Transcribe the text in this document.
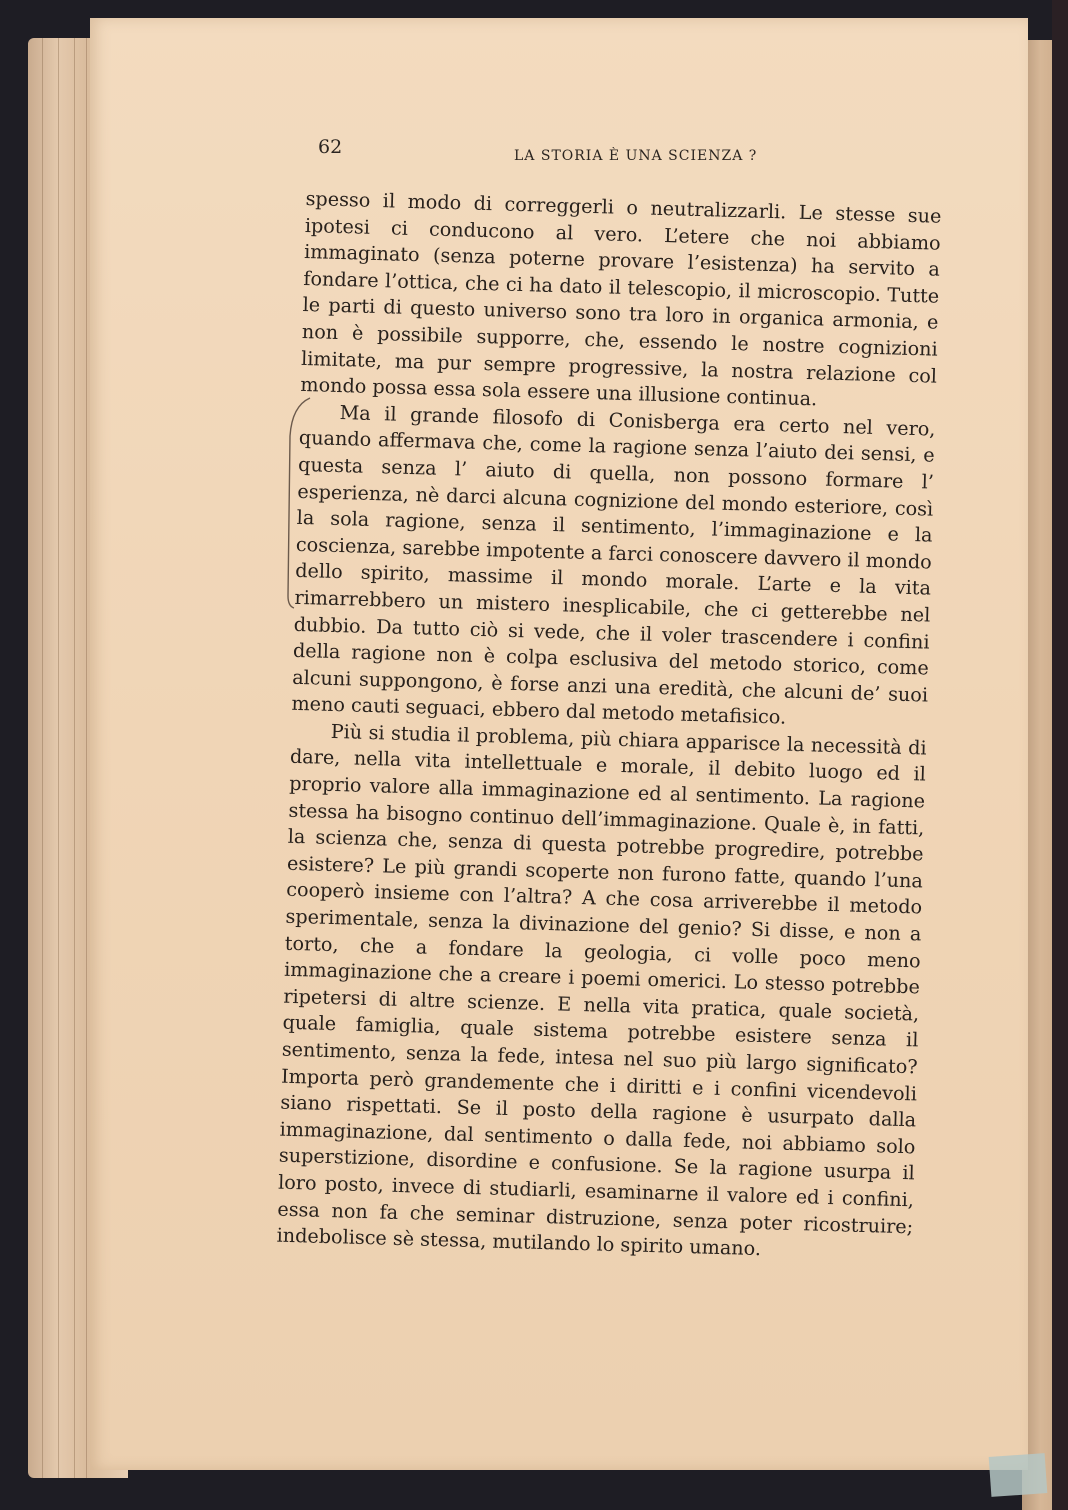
62	LA STORIA È UNA SCIENZA ?

spesso il modo di correggerli o neutralizzarli. Le stesse sue ipotesi ci conducono al vero. L’etere che noi abbiamo immaginato (senza poterne provare l’esistenza) ha servito a fondare l’ottica, che ci ha dato il telescopio, il microscopio. Tutte le parti di questo universo sono tra loro in organica armonia, e non è possibile supporre, che, essendo le nostre cognizioni limitate, ma pur sempre progressive, la nostra relazione col mondo possa essa sola essere una illusione continua.

Ma il grande filosofo di Conisberga era certo nel vero, quando affermava che, come la ragione senza l’aiuto dei sensi, e questa senza l’ aiuto di quella, non possono formare l’ esperienza, nè darci alcuna cognizione del mondo esteriore, così la sola ragione, senza il sentimento, l’immaginazione e la coscienza, sarebbe impotente a farci conoscere davvero il mondo dello spirito, massime il mondo morale. L’arte e la vita rimarrebbero un mistero inesplicabile, che ci getterebbe nel dubbio. Da tutto ciò si vede, che il voler trascendere i confini della ragione non è colpa esclusiva del metodo storico, come alcuni suppongono, è forse anzi una eredità, che alcuni de’ suoi meno cauti seguaci, ebbero dal metodo metafisico.

Più si studia il problema, più chiara apparisce la necessità di dare, nella vita intellettuale e morale, il debito luogo ed il proprio valore alla immaginazione ed al sentimento. La ragione stessa ha bisogno continuo dell’immaginazione. Quale è, in fatti, la scienza che, senza di questa potrebbe progredire, potrebbe esistere? Le più grandi scoperte non furono fatte, quando l’una cooperò insieme con l’altra? A che cosa arriverebbe il metodo sperimentale, senza la divinazione del genio? Si disse, e non a torto, che a fondare la geologia, ci volle poco meno immaginazione che a creare i poemi omerici. Lo stesso potrebbe ripetersi di altre scienze. E nella vita pratica, quale società, quale famiglia, quale sistema potrebbe esistere senza il sentimento, senza la fede, intesa nel suo più largo significato? Importa però grandemente che i diritti e i confini vicendevoli siano rispettati. Se il posto della ragione è usurpato dalla immaginazione, dal sentimento o dalla fede, noi abbiamo solo superstizione, disordine e confusione. Se la ragione usurpa il loro posto, invece di studiarli, esaminarne il valore ed i confini, essa non fa che seminar distruzione, senza poter ricostruire; indebolisce sè stessa, mutilando lo spirito umano.
